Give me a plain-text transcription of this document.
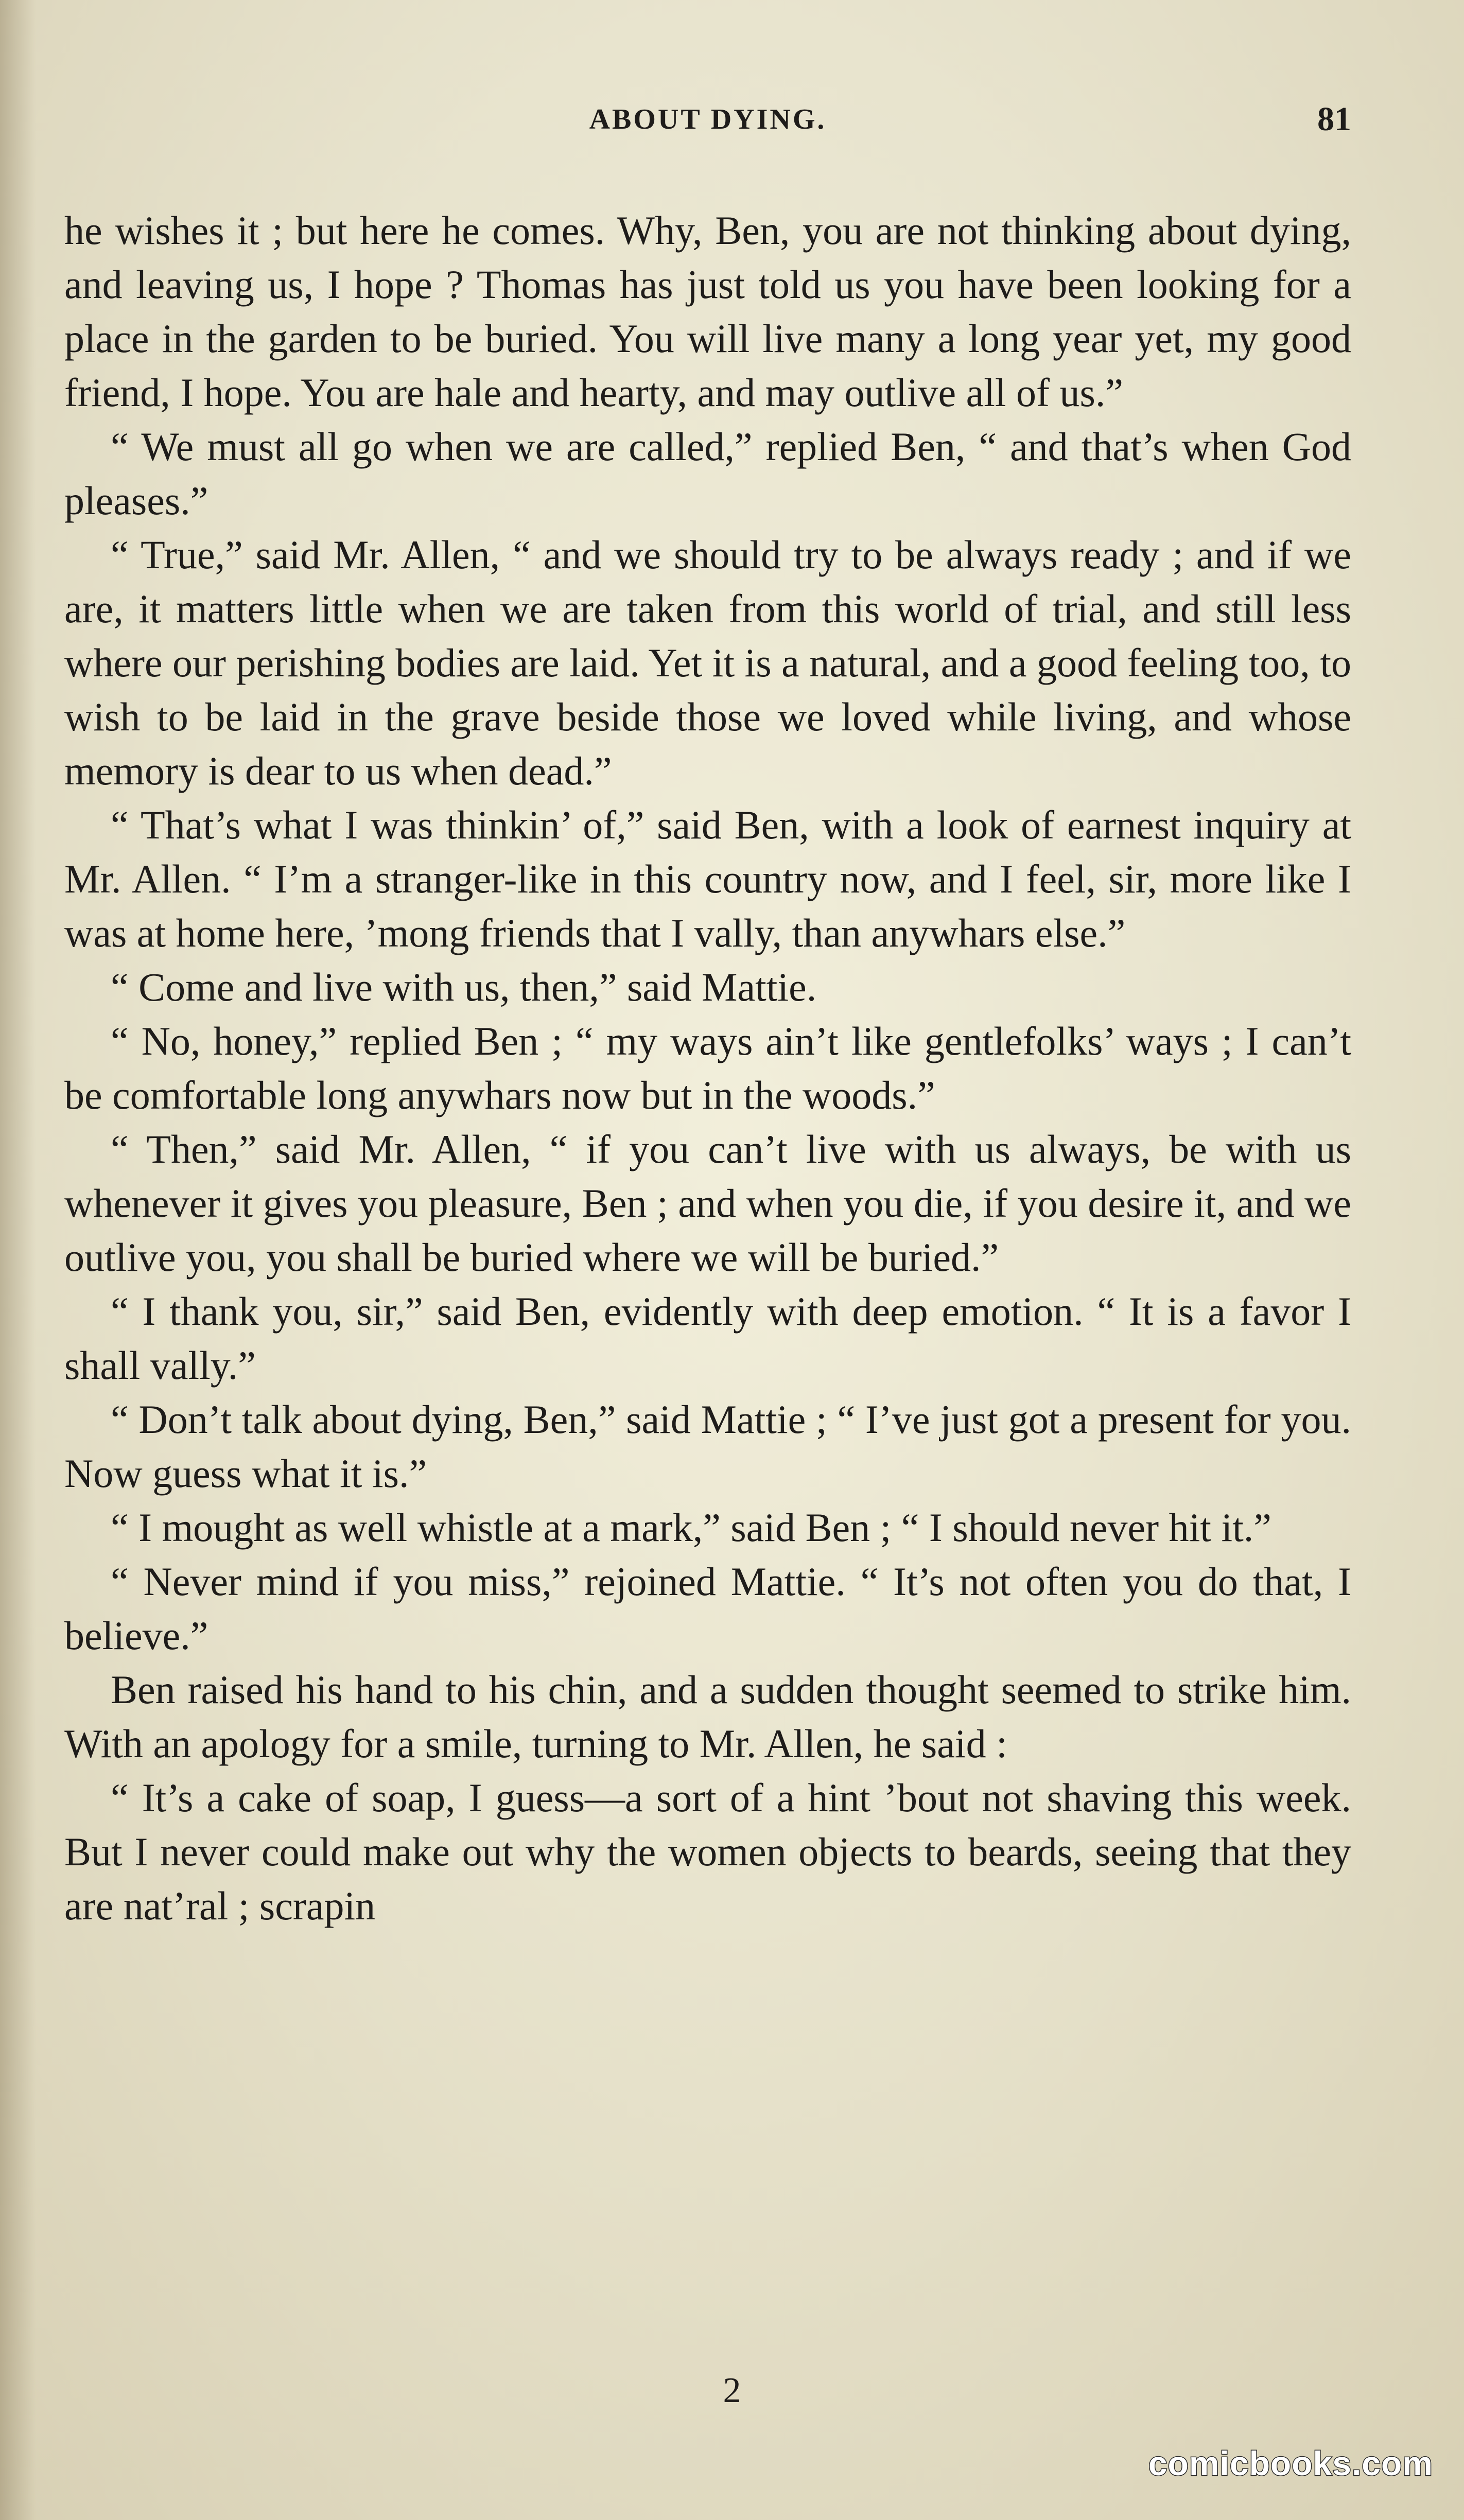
ABOUT DYING.	81

he wishes it ; but here he comes. Why, Ben, you are not thinking about dying, and leaving us, I hope ? Thomas has just told us you have been looking for a place in the garden to be buried. You will live many a long year yet, my good friend, I hope. You are hale and hearty, and may outlive all of us.”

“ We must all go when we are called,” replied Ben, “ and that’s when God pleases.”

“ True,” said Mr. Allen, “ and we should try to be always ready ; and if we are, it matters little when we are taken from this world of trial, and still less where our perishing bodies are laid. Yet it is a natural, and a good feeling too, to wish to be laid in the grave beside those we loved while living, and whose memory is dear to us when dead.”

“ That’s what I was thinkin’ of,” said Ben, with a look of earnest inquiry at Mr. Allen. “ I’m a stranger-like in this country now, and I feel, sir, more like I was at home here, ’mong friends that I vally, than anywhars else.”

“ Come and live with us, then,” said Mattie.

“ No, honey,” replied Ben ; “ my ways ain’t like gentlefolks’ ways ; I can’t be comfortable long anywhars now but in the woods.”

“ Then,” said Mr. Allen, “ if you can’t live with us always, be with us whenever it gives you pleasure, Ben ; and when you die, if you desire it, and we outlive you, you shall be buried where we will be buried.”

“ I thank you, sir,” said Ben, evidently with deep emotion. “ It is a favor I shall vally.”

“ Don’t talk about dying, Ben,” said Mattie ; “ I’ve just got a present for you. Now guess what it is.”

“ I mought as well whistle at a mark,” said Ben ; “ I should never hit it.”

“ Never mind if you miss,” rejoined Mattie. “ It’s not often you do that, I believe.”

Ben raised his hand to his chin, and a sudden thought seemed to strike him. With an apology for a smile, turning to Mr. Allen, he said :

“ It’s a cake of soap, I guess—a sort of a hint ’bout not shaving this week. But I never could make out why the women objects to beards, seeing that they are nat’ral ; scrapin

2
comicbooks.com
